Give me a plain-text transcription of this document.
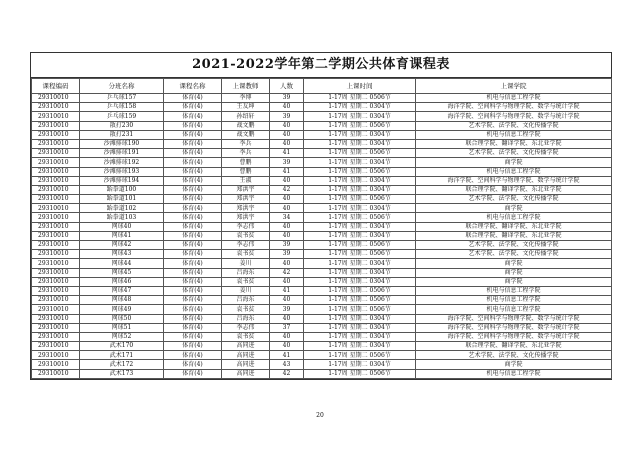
2021-2022学年第二学期公共体育课程表
课程编码	分班名称	课程名称	上课教师	人数	上课时间	上课学院
29310010	乒乓球157	体育(4)	李博	39	1-17周 星期二 0506节	机电与信息工程学院
29310010	乒乓球158	体育(4)	王友坤	40	1-17周 星期二 0304节	海洋学院、空间科学与物理学院、数学与统计学院
29310010	乒乓球159	体育(4)	孙绍轩	39	1-17周 星期二 0304节	海洋学院、空间科学与物理学院、数学与统计学院
29310010	散打230	体育(4)	战文鹏	40	1-17周 星期二 0506节	艺术学院、法学院、文化传播学院
29310010	散打231	体育(4)	战文鹏	40	1-17周 星期二 0304节	机电与信息工程学院
29310010	沙滩排球190	体育(4)	李兵	40	1-17周 星期二 0304节	联合理学院、翻译学院、东北亚学院
29310010	沙滩排球191	体育(4)	李兵	41	1-17周 星期二 0506节	艺术学院、法学院、文化传播学院
29310010	沙滩排球192	体育(4)	曹鹏	39	1-17周 星期二 0304节	商学院
29310010	沙滩排球193	体育(4)	曹鹏	41	1-17周 星期二 0506节	机电与信息工程学院
29310010	沙滩排球194	体育(4)	王淑	40	1-17周 星期二 0304节	海洋学院、空间科学与物理学院、数学与统计学院
29310010	跆拳道100	体育(4)	郑洪宇	42	1-17周 星期二 0304节	联合理学院、翻译学院、东北亚学院
29310010	跆拳道101	体育(4)	郑洪宇	40	1-17周 星期二 0506节	艺术学院、法学院、文化传播学院
29310010	跆拳道102	体育(4)	郑洪宇	40	1-17周 星期二 0304节	商学院
29310010	跆拳道103	体育(4)	郑洪宇	34	1-17周 星期二 0506节	机电与信息工程学院
29310010	网球40	体育(4)	李志伟	40	1-17周 星期二 0304节	联合理学院、翻译学院、东北亚学院
29310010	网球41	体育(4)	袁书贫	40	1-17周 星期二 0304节	联合理学院、翻译学院、东北亚学院
29310010	网球42	体育(4)	李志伟	39	1-17周 星期二 0506节	艺术学院、法学院、文化传播学院
29310010	网球43	体育(4)	袁书贫	39	1-17周 星期二 0506节	艺术学院、法学院、文化传播学院
29310010	网球44	体育(4)	姜川	40	1-17周 星期二 0304节	商学院
29310010	网球45	体育(4)	吕海东	42	1-17周 星期二 0304节	商学院
29310010	网球46	体育(4)	袁书贫	40	1-17周 星期二 0304节	商学院
29310010	网球47	体育(4)	姜川	41	1-17周 星期二 0506节	机电与信息工程学院
29310010	网球48	体育(4)	吕海东	40	1-17周 星期二 0506节	机电与信息工程学院
29310010	网球49	体育(4)	袁书贫	39	1-17周 星期二 0506节	机电与信息工程学院
29310010	网球50	体育(4)	吕海东	40	1-17周 星期二 0304节	海洋学院、空间科学与物理学院、数学与统计学院
29310010	网球51	体育(4)	李志伟	37	1-17周 星期二 0304节	海洋学院、空间科学与物理学院、数学与统计学院
29310010	网球52	体育(4)	袁书贫	40	1-17周 星期二 0304节	海洋学院、空间科学与物理学院、数学与统计学院
29310010	武术170	体育(4)	高同进	40	1-17周 星期二 0304节	联合理学院、翻译学院、东北亚学院
29310010	武术171	体育(4)	高同进	41	1-17周 星期二 0506节	艺术学院、法学院、文化传播学院
29310010	武术172	体育(4)	高同进	43	1-17周 星期二 0304节	商学院
29310010	武术173	体育(4)	高同进	42	1-17周 星期二 0506节	机电与信息工程学院
20
